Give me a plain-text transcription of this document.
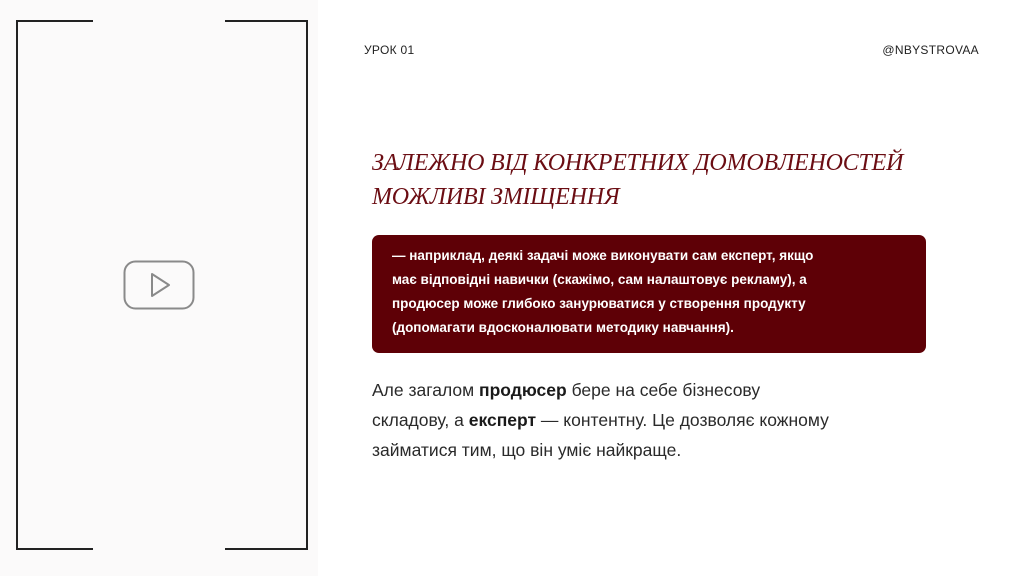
УРОК 01	@NBYSTROVAA
ЗАЛЕЖНО ВІД КОНКРЕТНИХ ДОМОВЛЕНОСТЕЙ
МОЖЛИВІ ЗМІЩЕННЯ
— наприклад, деякі задачі може виконувати сам експерт, якщо
має відповідні навички (скажімо, сам налаштовує рекламу), а
продюсер може глибоко занурюватися у створення продукту
(допомагати вдосконалювати методику навчання).
Але загалом продюсер бере на себе бізнесову
складову, а експерт — контентну. Це дозволяє кожному
займатися тим, що він уміє найкраще.
